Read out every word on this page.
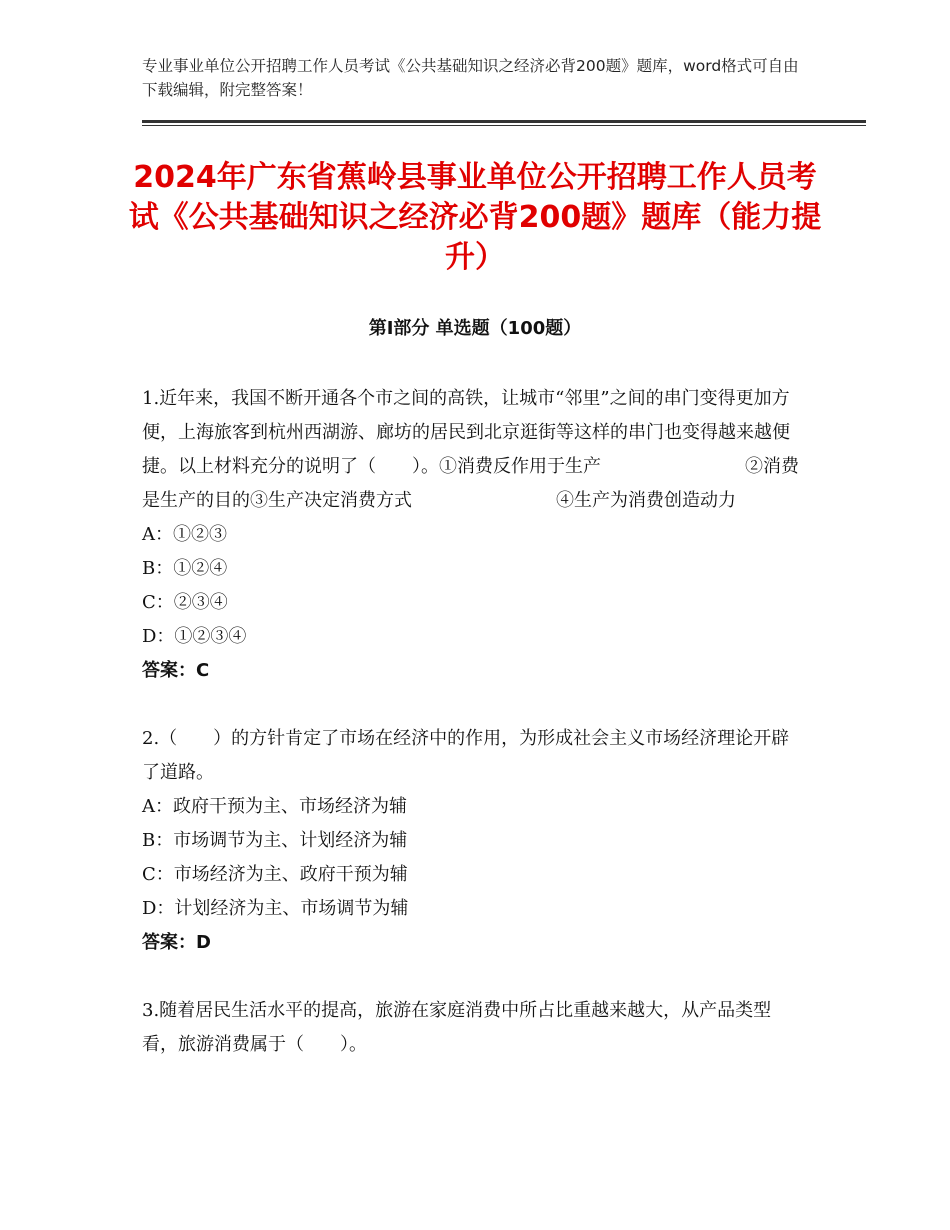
专业事业单位公开招聘工作人员考试《公共基础知识之经济必背200题》题库，word格式可自由下载编辑，附完整答案！
2024年广东省蕉岭县事业单位公开招聘工作人员考试《公共基础知识之经济必背200题》题库（能力提升）
第Ⅰ部分 单选题（100题）
1.近年来，我国不断开通各个市之间的高铁，让城市“邻里”之间的串门变得更加方便，上海旅客到杭州西湖游、廊坊的居民到北京逛街等这样的串门也变得越来越便捷。以上材料充分的说明了（　　）。①消费反作用于生产　　　　　　　　②消费是生产的目的③生产决定消费方式　　　　　　　　④生产为消费创造动力
A：①②③
B：①②④
C：②③④
D：①②③④
答案：C
2.（　　）的方针肯定了市场在经济中的作用，为形成社会主义市场经济理论开辟了道路。
A：政府干预为主、市场经济为辅
B：市场调节为主、计划经济为辅
C：市场经济为主、政府干预为辅
D：计划经济为主、市场调节为辅
答案：D
3.随着居民生活水平的提高，旅游在家庭消费中所占比重越来越大，从产品类型看，旅游消费属于（　　）。
